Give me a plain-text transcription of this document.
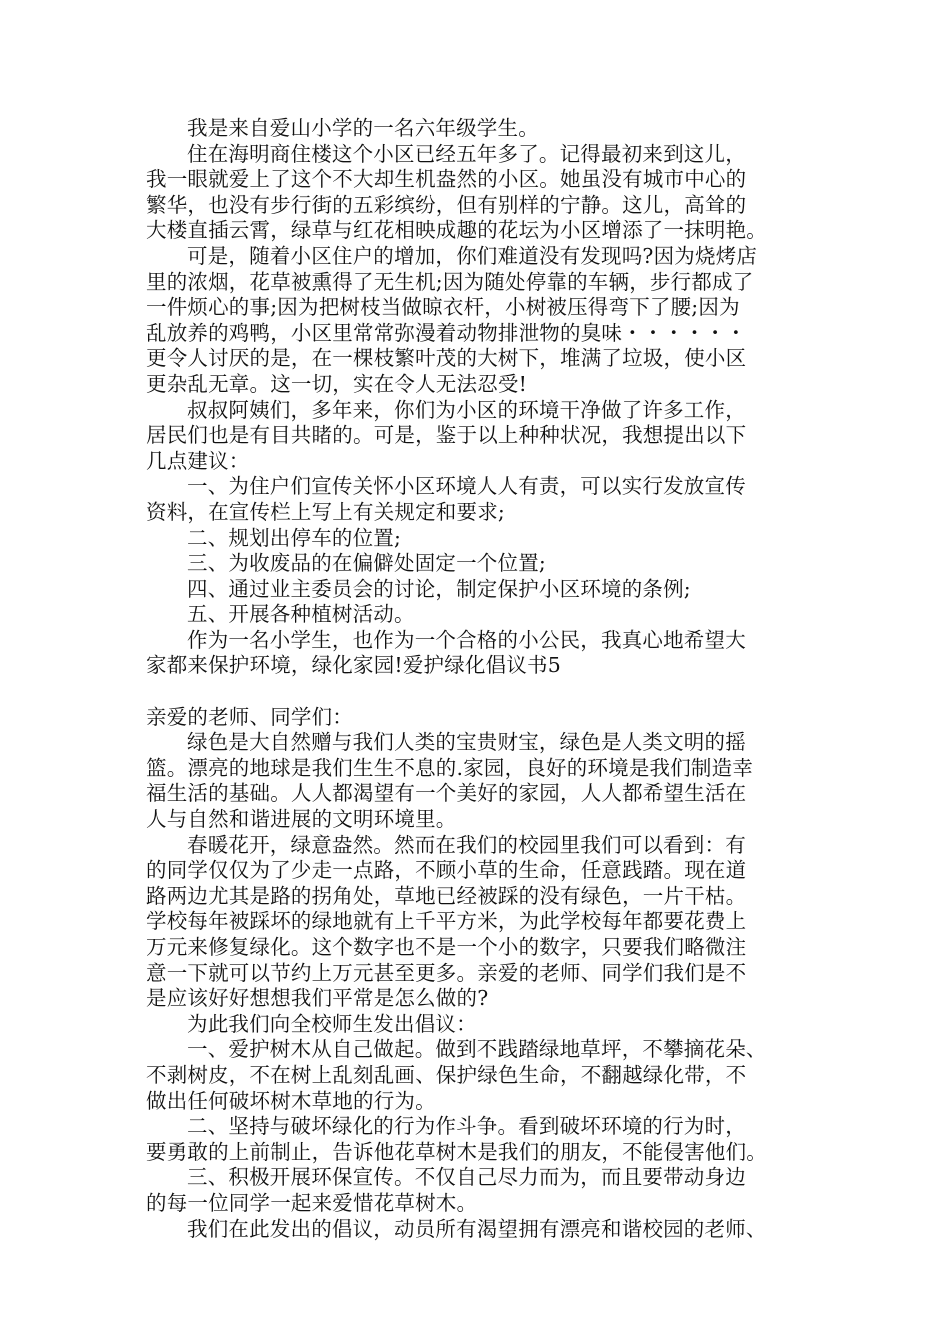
我是来自爱山小学的一名六年级学生。
住在海明商住楼这个小区已经五年多了。记得最初来到这儿，
我一眼就爱上了这个不大却生机盎然的小区。她虽没有城市中心的
繁华，也没有步行街的五彩缤纷，但有别样的宁静。这儿，高耸的
大楼直插云霄，绿草与红花相映成趣的花坛为小区增添了一抹明艳。
可是，随着小区住户的增加，你们难道没有发现吗?因为烧烤店
里的浓烟，花草被熏得了无生机;因为随处停靠的车辆，步行都成了
一件烦心的事;因为把树枝当做晾衣杆，小树被压得弯下了腰;因为
乱放养的鸡鸭，小区里常常弥漫着动物排泄物的臭味・・・・・・
更令人讨厌的是，在一棵枝繁叶茂的大树下，堆满了垃圾，使小区
更杂乱无章。这一切，实在令人无法忍受!
叔叔阿姨们，多年来，你们为小区的环境干净做了许多工作，
居民们也是有目共睹的。可是，鉴于以上种种状况，我想提出以下
几点建议：
一、为住户们宣传关怀小区环境人人有责，可以实行发放宣传
资料，在宣传栏上写上有关规定和要求;
二、规划出停车的位置;
三、为收废品的在偏僻处固定一个位置;
四、通过业主委员会的讨论，制定保护小区环境的条例;
五、开展各种植树活动。
作为一名小学生，也作为一个合格的小公民，我真心地希望大
家都来保护环境，绿化家园!爱护绿化倡议书5
亲爱的老师、同学们：
绿色是大自然赠与我们人类的宝贵财宝，绿色是人类文明的摇
篮。漂亮的地球是我们生生不息的.家园，良好的环境是我们制造幸
福生活的基础。人人都渴望有一个美好的家园，人人都希望生活在
人与自然和谐进展的文明环境里。
春暖花开，绿意盎然。然而在我们的校园里我们可以看到：有
的同学仅仅为了少走一点路，不顾小草的生命，任意践踏。现在道
路两边尤其是路的拐角处，草地已经被踩的没有绿色，一片干枯。
学校每年被踩坏的绿地就有上千平方米，为此学校每年都要花费上
万元来修复绿化。这个数字也不是一个小的数字，只要我们略微注
意一下就可以节约上万元甚至更多。亲爱的老师、同学们我们是不
是应该好好想想我们平常是怎么做的?
为此我们向全校师生发出倡议：
一、爱护树木从自己做起。做到不践踏绿地草坪，不攀摘花朵、
不剥树皮，不在树上乱刻乱画、保护绿色生命，不翻越绿化带，不
做出任何破坏树木草地的行为。
二、坚持与破坏绿化的行为作斗争。看到破坏环境的行为时，
要勇敢的上前制止，告诉他花草树木是我们的朋友，不能侵害他们。
三、积极开展环保宣传。不仅自己尽力而为，而且要带动身边
的每一位同学一起来爱惜花草树木。
我们在此发出的倡议，动员所有渴望拥有漂亮和谐校园的老师、
